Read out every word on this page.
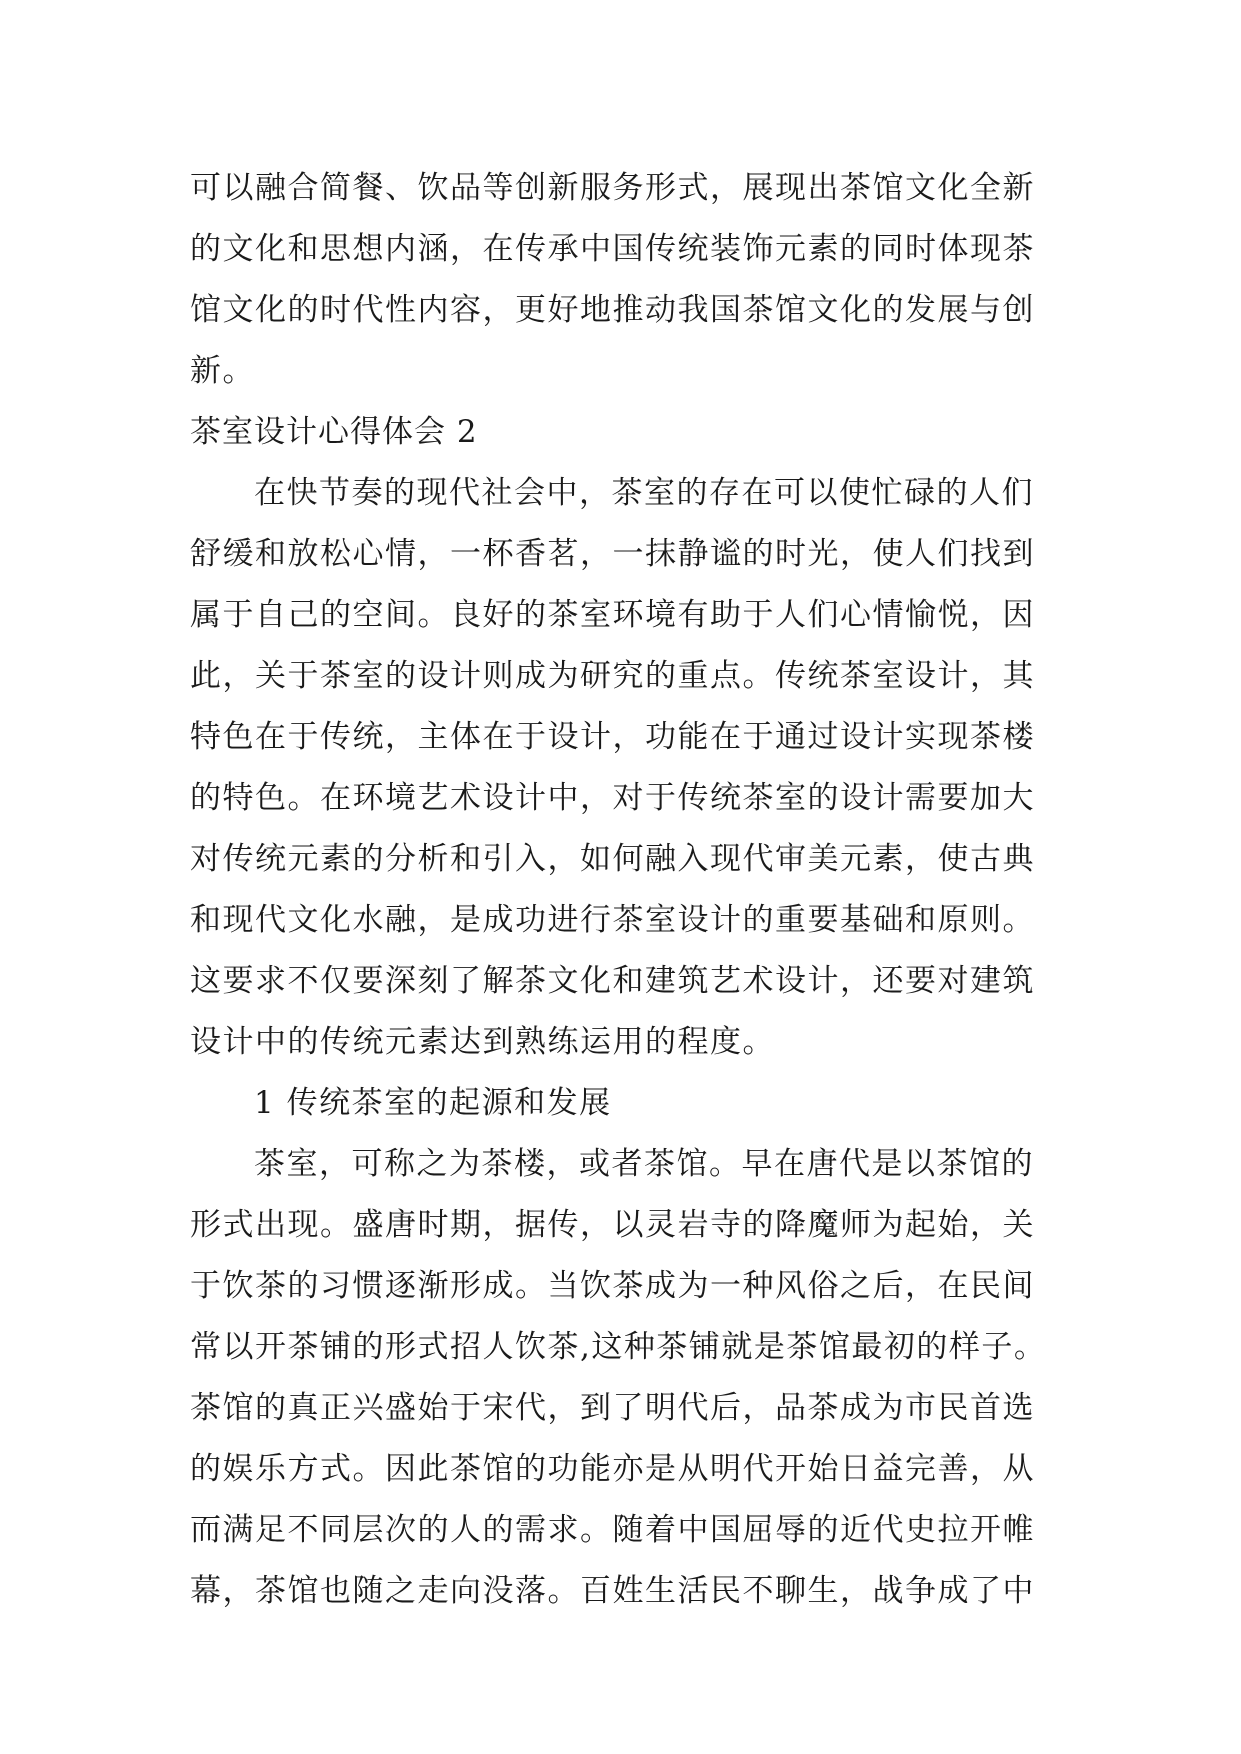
可以融合简餐、饮品等创新服务形式，展现出茶馆文化全新
的文化和思想内涵，在传承中国传统装饰元素的同时体现茶
馆文化的时代性内容，更好地推动我国茶馆文化的发展与创
新。
茶室设计心得体会 2
在快节奏的现代社会中，茶室的存在可以使忙碌的人们
舒缓和放松心情，一杯香茗，一抹静谧的时光，使人们找到
属于自己的空间。良好的茶室环境有助于人们心情愉悦，因
此，关于茶室的设计则成为研究的重点。传统茶室设计，其
特色在于传统，主体在于设计，功能在于通过设计实现茶楼
的特色。在环境艺术设计中，对于传统茶室的设计需要加大
对传统元素的分析和引入，如何融入现代审美元素，使古典
和现代文化水融，是成功进行茶室设计的重要基础和原则。
这要求不仅要深刻了解茶文化和建筑艺术设计，还要对建筑
设计中的传统元素达到熟练运用的程度。
1 传统茶室的起源和发展
茶室，可称之为茶楼，或者茶馆。早在唐代是以茶馆的
形式出现。盛唐时期，据传，以灵岩寺的降魔师为起始，关
于饮茶的习惯逐渐形成。当饮茶成为一种风俗之后，在民间
常以开茶铺的形式招人饮茶,这种茶铺就是茶馆最初的样子。
茶馆的真正兴盛始于宋代，到了明代后，品茶成为市民首选
的娱乐方式。因此茶馆的功能亦是从明代开始日益完善，从
而满足不同层次的人的需求。随着中国屈辱的近代史拉开帷
幕，茶馆也随之走向没落。百姓生活民不聊生，战争成了中
